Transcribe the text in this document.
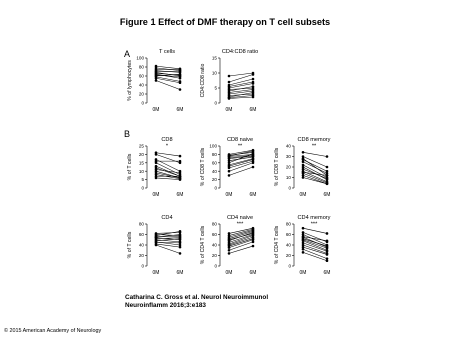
Figure 1 Effect of DMF therapy on T cell subsets
A
B
T cells
0
20
40
60
80
100
% of lymphocytes
0M	6M
CD4:CD8 ratio
0
5
10
15
CD4:CD8 ratio
0M	6M
CD8
*
0
5
10
15
20
25
% of T cells
0M	6M
CD8 naive
**
0
20
40
60
80
100
% of CD8 T cells
0M	6M
CD8 memory
**
0
10
20
30
40
% of CD8 T cells
0M	6M
CD4
0
20
40
60
80
% of T cells
0M	6M
CD4 naive
***
0
20
40
60
80
% of CD4 T cells
0M	6M
CD4 memory
***
0
20
40
60
80
% of CD4 T cells
0M	6M
Catharina C. Gross et al. Neurol Neuroimmunol
Neuroinflamm 2016;3:e183
© 2015 American Academy of Neurology
